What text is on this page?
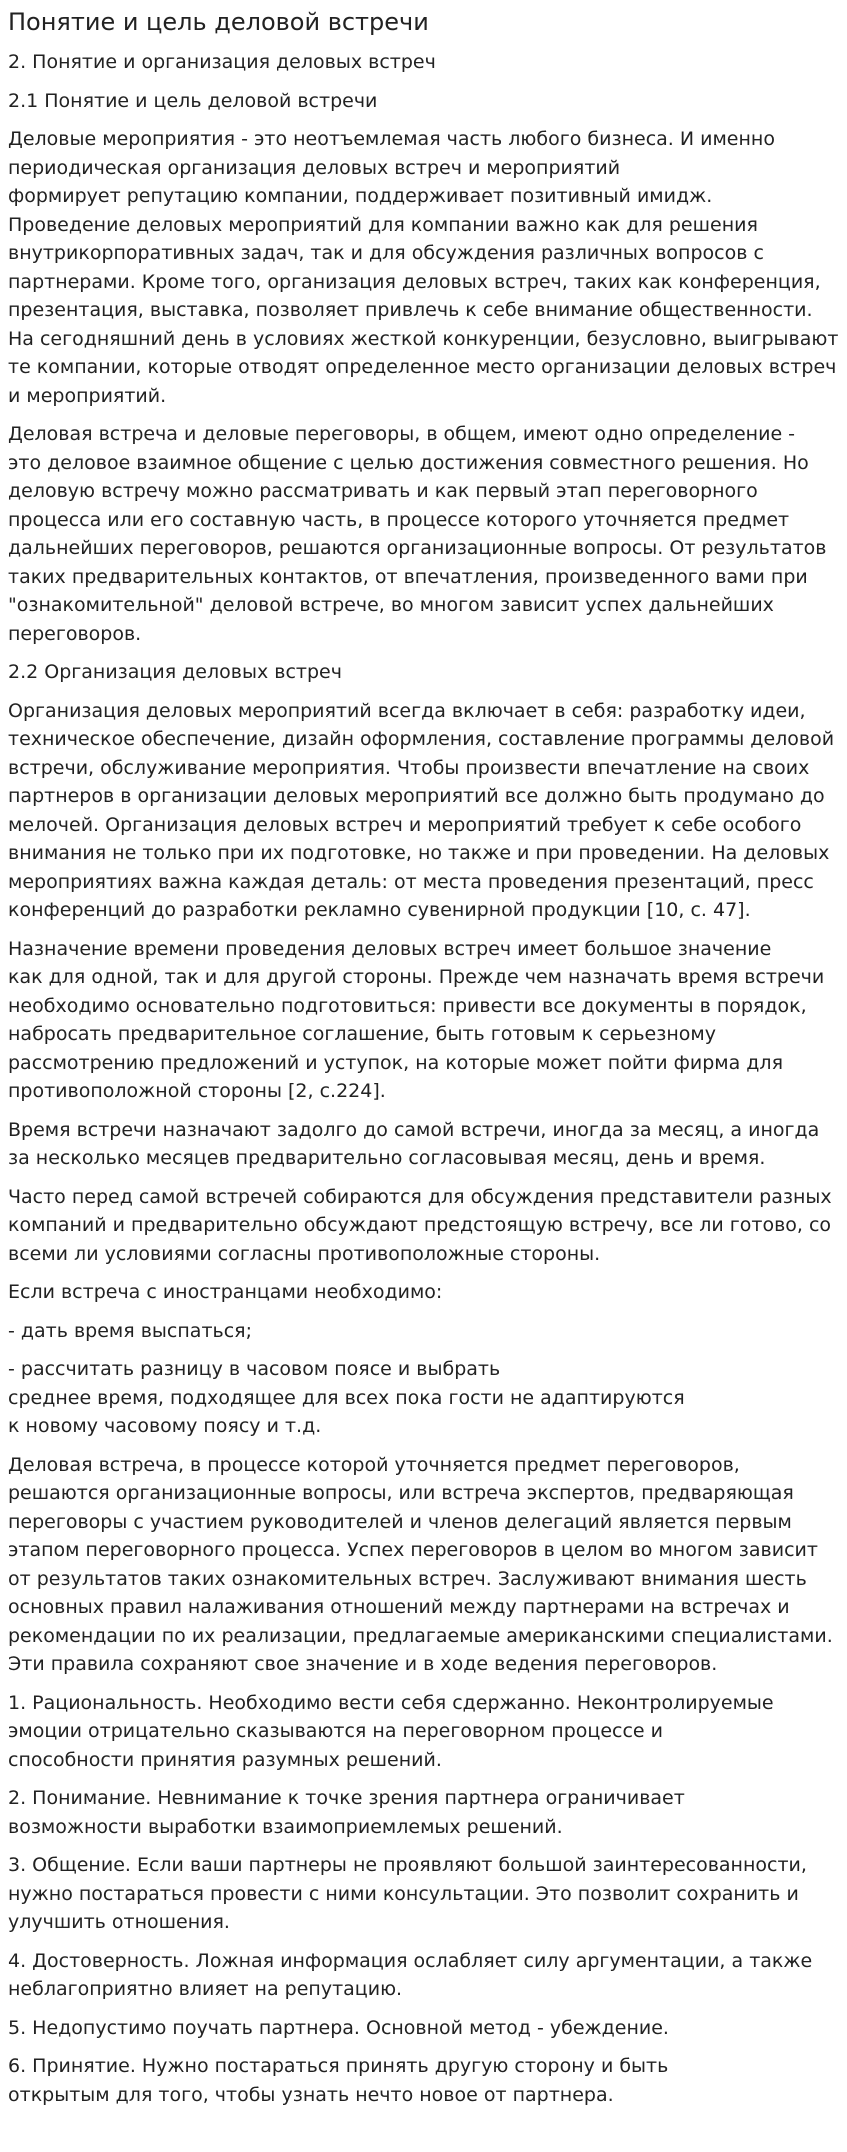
Понятие и цель деловой встречи

2. Понятие и организация деловых встреч

2.1 Понятие и цель деловой встречи

Деловые мероприятия - это неотъемлемая часть любого бизнеса. И именно
периодическая организация деловых встреч и мероприятий
формирует репутацию компании, поддерживает позитивный имидж.
Проведение деловых мероприятий для компании важно как для решения
внутрикорпоративных задач, так и для обсуждения различных вопросов с
партнерами. Кроме того, организация деловых встреч, таких как конференция,
презентация, выставка, позволяет привлечь к себе внимание общественности.
На сегодняшний день в условиях жесткой конкуренции, безусловно, выигрывают
те компании, которые отводят определенное место организации деловых встреч
и мероприятий.

Деловая встреча и деловые переговоры, в общем, имеют одно определение -
это деловое взаимное общение с целью достижения совместного решения. Но
деловую встречу можно рассматривать и как первый этап переговорного
процесса или его составную часть, в процессе которого уточняется предмет
дальнейших переговоров, решаются организационные вопросы. От результатов
таких предварительных контактов, от впечатления, произведенного вами при
"ознакомительной" деловой встрече, во многом зависит успех дальнейших
переговоров.

2.2 Организация деловых встреч

Организация деловых мероприятий всегда включает в себя: разработку идеи,
техническое обеспечение, дизайн оформления, составление программы деловой
встречи, обслуживание мероприятия. Чтобы произвести впечатление на своих
партнеров в организации деловых мероприятий все должно быть продумано до
мелочей. Организация деловых встреч и мероприятий требует к себе особого
внимания не только при их подготовке, но также и при проведении. На деловых
мероприятиях важна каждая деталь: от места проведения презентаций, пресс
конференций до разработки рекламно сувенирной продукции [10, с. 47].

Назначение времени проведения деловых встреч имеет большое значение
как для одной, так и для другой стороны. Прежде чем назначать время встречи
необходимо основательно подготовиться: привести все документы в порядок,
набросать предварительное соглашение, быть готовым к серьезному
рассмотрению предложений и уступок, на которые может пойти фирма для
противоположной стороны [2, с.224].

Время встречи назначают задолго до самой встречи, иногда за месяц, а иногда
за несколько месяцев предварительно согласовывая месяц, день и время.

Часто перед самой встречей собираются для обсуждения представители разных
компаний и предварительно обсуждают предстоящую встречу, все ли готово, со
всеми ли условиями согласны противоположные стороны.

Если встреча с иностранцами необходимо:

- дать время выспаться;

- рассчитать разницу в часовом поясе и выбрать
среднее время, подходящее для всех пока гости не адаптируются
к новому часовому поясу и т.д.

Деловая встреча, в процессе которой уточняется предмет переговоров,
решаются организационные вопросы, или встреча экспертов, предваряющая
переговоры с участием руководителей и членов делегаций является первым
этапом переговорного процесса. Успех переговоров в целом во многом зависит
от результатов таких ознакомительных встреч. Заслуживают внимания шесть
основных правил налаживания отношений между партнерами на встречах и
рекомендации по их реализации, предлагаемые американскими специалистами.
Эти правила сохраняют свое значение и в ходе ведения переговоров.

1. Рациональность. Необходимо вести себя сдержанно. Неконтролируемые
эмоции отрицательно сказываются на переговорном процессе и
способности принятия разумных решений.

2. Понимание. Невнимание к точке зрения партнера ограничивает
возможности выработки взаимоприемлемых решений.

3. Общение. Если ваши партнеры не проявляют большой заинтересованности,
нужно постараться провести с ними консультации. Это позволит сохранить и
улучшить отношения.

4. Достоверность. Ложная информация ослабляет силу аргументации, а также
неблагоприятно влияет на репутацию.

5. Недопустимо поучать партнера. Основной метод - убеждение.

6. Принятие. Нужно постараться принять другую сторону и быть
открытым для того, чтобы узнать нечто новое от партнера.
